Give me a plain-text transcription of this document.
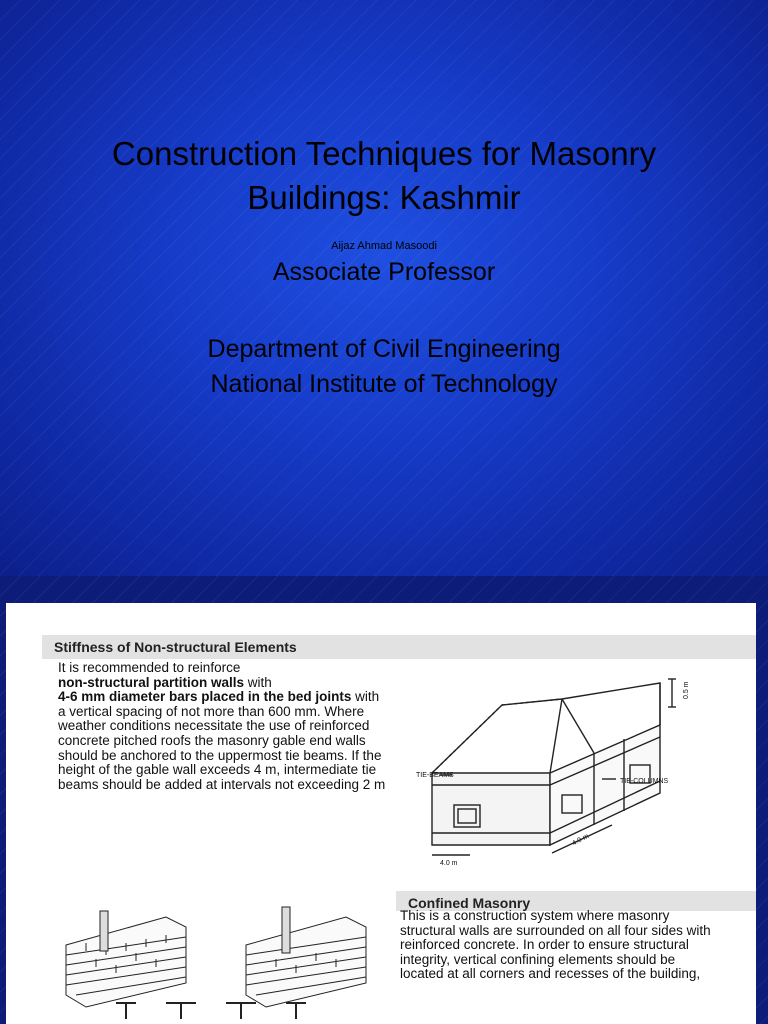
Construction Techniques for Masonry
Buildings: Kashmir
Aijaz Ahmad Masoodi
Associate Professor
Department of Civil Engineering
National Institute of Technology
Stiffness of Non-structural Elements
It is recommended to reinforce
non-structural partition walls with
4-6 mm diameter bars placed in the bed joints with a vertical spacing of not more than 600 mm. Where weather conditions necessitate the use of reinforced concrete pitched roofs the masonry gable end walls should be anchored to the uppermost tie beams. If the height of the gable wall exceeds 4 m, intermediate tie beams should be added at intervals not exceeding 2 m
TIE-BEAMS
TIE-COLUMNS
0.5 m
4.0 m
4.0 m
Confined Masonry
This is a construction system where masonry structural walls are surrounded on all four sides with reinforced concrete. In order to ensure structural integrity, vertical confining elements should be located at all corners and recesses of the building,
